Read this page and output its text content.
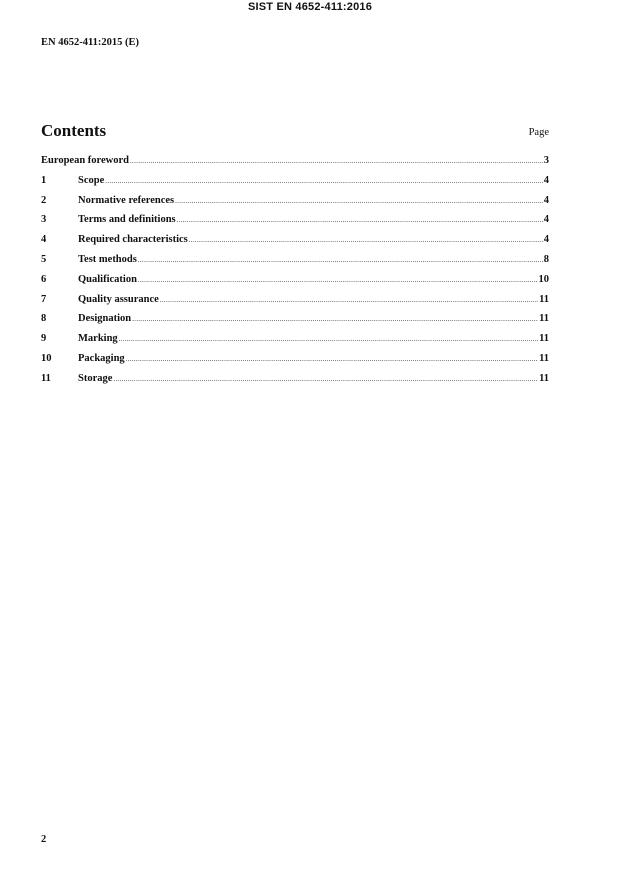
SIST EN 4652-411:2016
EN 4652-411:2015 (E)
Contents	Page
European foreword .....	3
1	Scope .....	4
2	Normative references .....	4
3	Terms and definitions .....	4
4	Required characteristics .....	4
5	Test methods .....	8
6	Qualification .....	10
7	Quality assurance .....	11
8	Designation .....	11
9	Marking .....	11
10	Packaging .....	11
11	Storage .....	11
2
